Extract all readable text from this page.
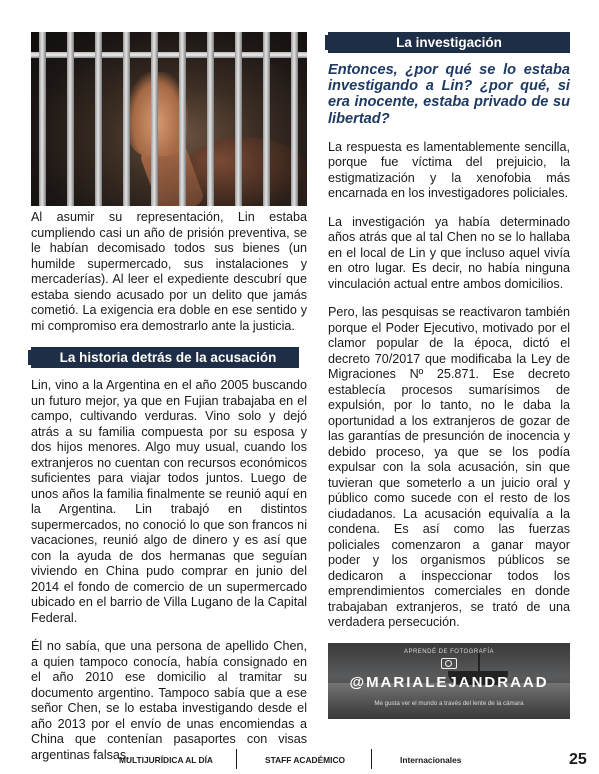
Al asumir su representación, Lin estaba cumpliendo casi un año de prisión preventiva, se le habían decomisado todos sus bienes (un humilde supermercado, sus instalaciones y mercaderías). Al leer el expediente descubrí que estaba siendo acusado por un delito que jamás cometió. La exigencia era doble en ese sentido y mi compromiso era demostrarlo ante la justicia.

La historia detrás de la acusación

Lin, vino a la Argentina en el año 2005 buscando un futuro mejor, ya que en Fujian trabajaba en el campo, cultivando verduras. Vino solo y dejó atrás a su familia compuesta por su esposa y dos hijos menores. Algo muy usual, cuando los extranjeros no cuentan con recursos económicos suficientes para viajar todos juntos. Luego de unos años la familia finalmente se reunió aquí en la Argentina. Lin trabajó en distintos supermercados, no conoció lo que son francos ni vacaciones, reunió algo de dinero y es así que con la ayuda de dos hermanas que seguían viviendo en China pudo comprar en junio del 2014 el fondo de comercio de un supermercado ubicado en el barrio de Villa Lugano de la Capital Federal.

Él no sabía, que una persona de apellido Chen, a quien tampoco conocía, había consignado en el año 2010 ese domicilio al tramitar su documento argentino. Tampoco sabía que a ese señor Chen, se lo estaba investigando desde el año 2013 por el envío de unas encomiendas a China que contenían pasaportes con visas argentinas falsas.

La investigación

Entonces, ¿por qué se lo estaba investigando a Lin? ¿por qué, si era inocente, estaba privado de su libertad?

La respuesta es lamentablemente sencilla, porque fue víctima del prejuicio, la estigmatización y la xenofobia más encarnada en los investigadores policiales.

La investigación ya había determinado años atrás que al tal Chen no se lo hallaba en el local de Lin y que incluso aquel vivía en otro lugar. Es decir, no había ninguna vinculación actual entre ambos domicilios.

Pero, las pesquisas se reactivaron también porque el Poder Ejecutivo, motivado por el clamor popular de la época, dictó el decreto 70/2017 que modificaba la Ley de Migraciones Nº 25.871. Ese decreto establecía procesos sumarísimos de expulsión, por lo tanto, no le daba la oportunidad a los extranjeros de gozar de las garantías de presunción de inocencia y debido proceso, ya que se los podía expulsar con la sola acusación, sin que tuvieran que someterlo a un juicio oral y público como sucede con el resto de los ciudadanos. La acusación equivalía a la condena. Es así como las fuerzas policiales comenzaron a ganar mayor poder y los organismos públicos se dedicaron a inspeccionar todos los emprendimientos comerciales en donde trabajaban extranjeros, se trató de una verdadera persecución.

APRENDÉ DE FOTOGRAFÍA
@MARIALEJANDRAAD
Me gusta ver el mundo a través del lente de la cámara
MULTIJURÍDICA AL DÍA	STAFF ACADÉMICO	Internacionales	25
